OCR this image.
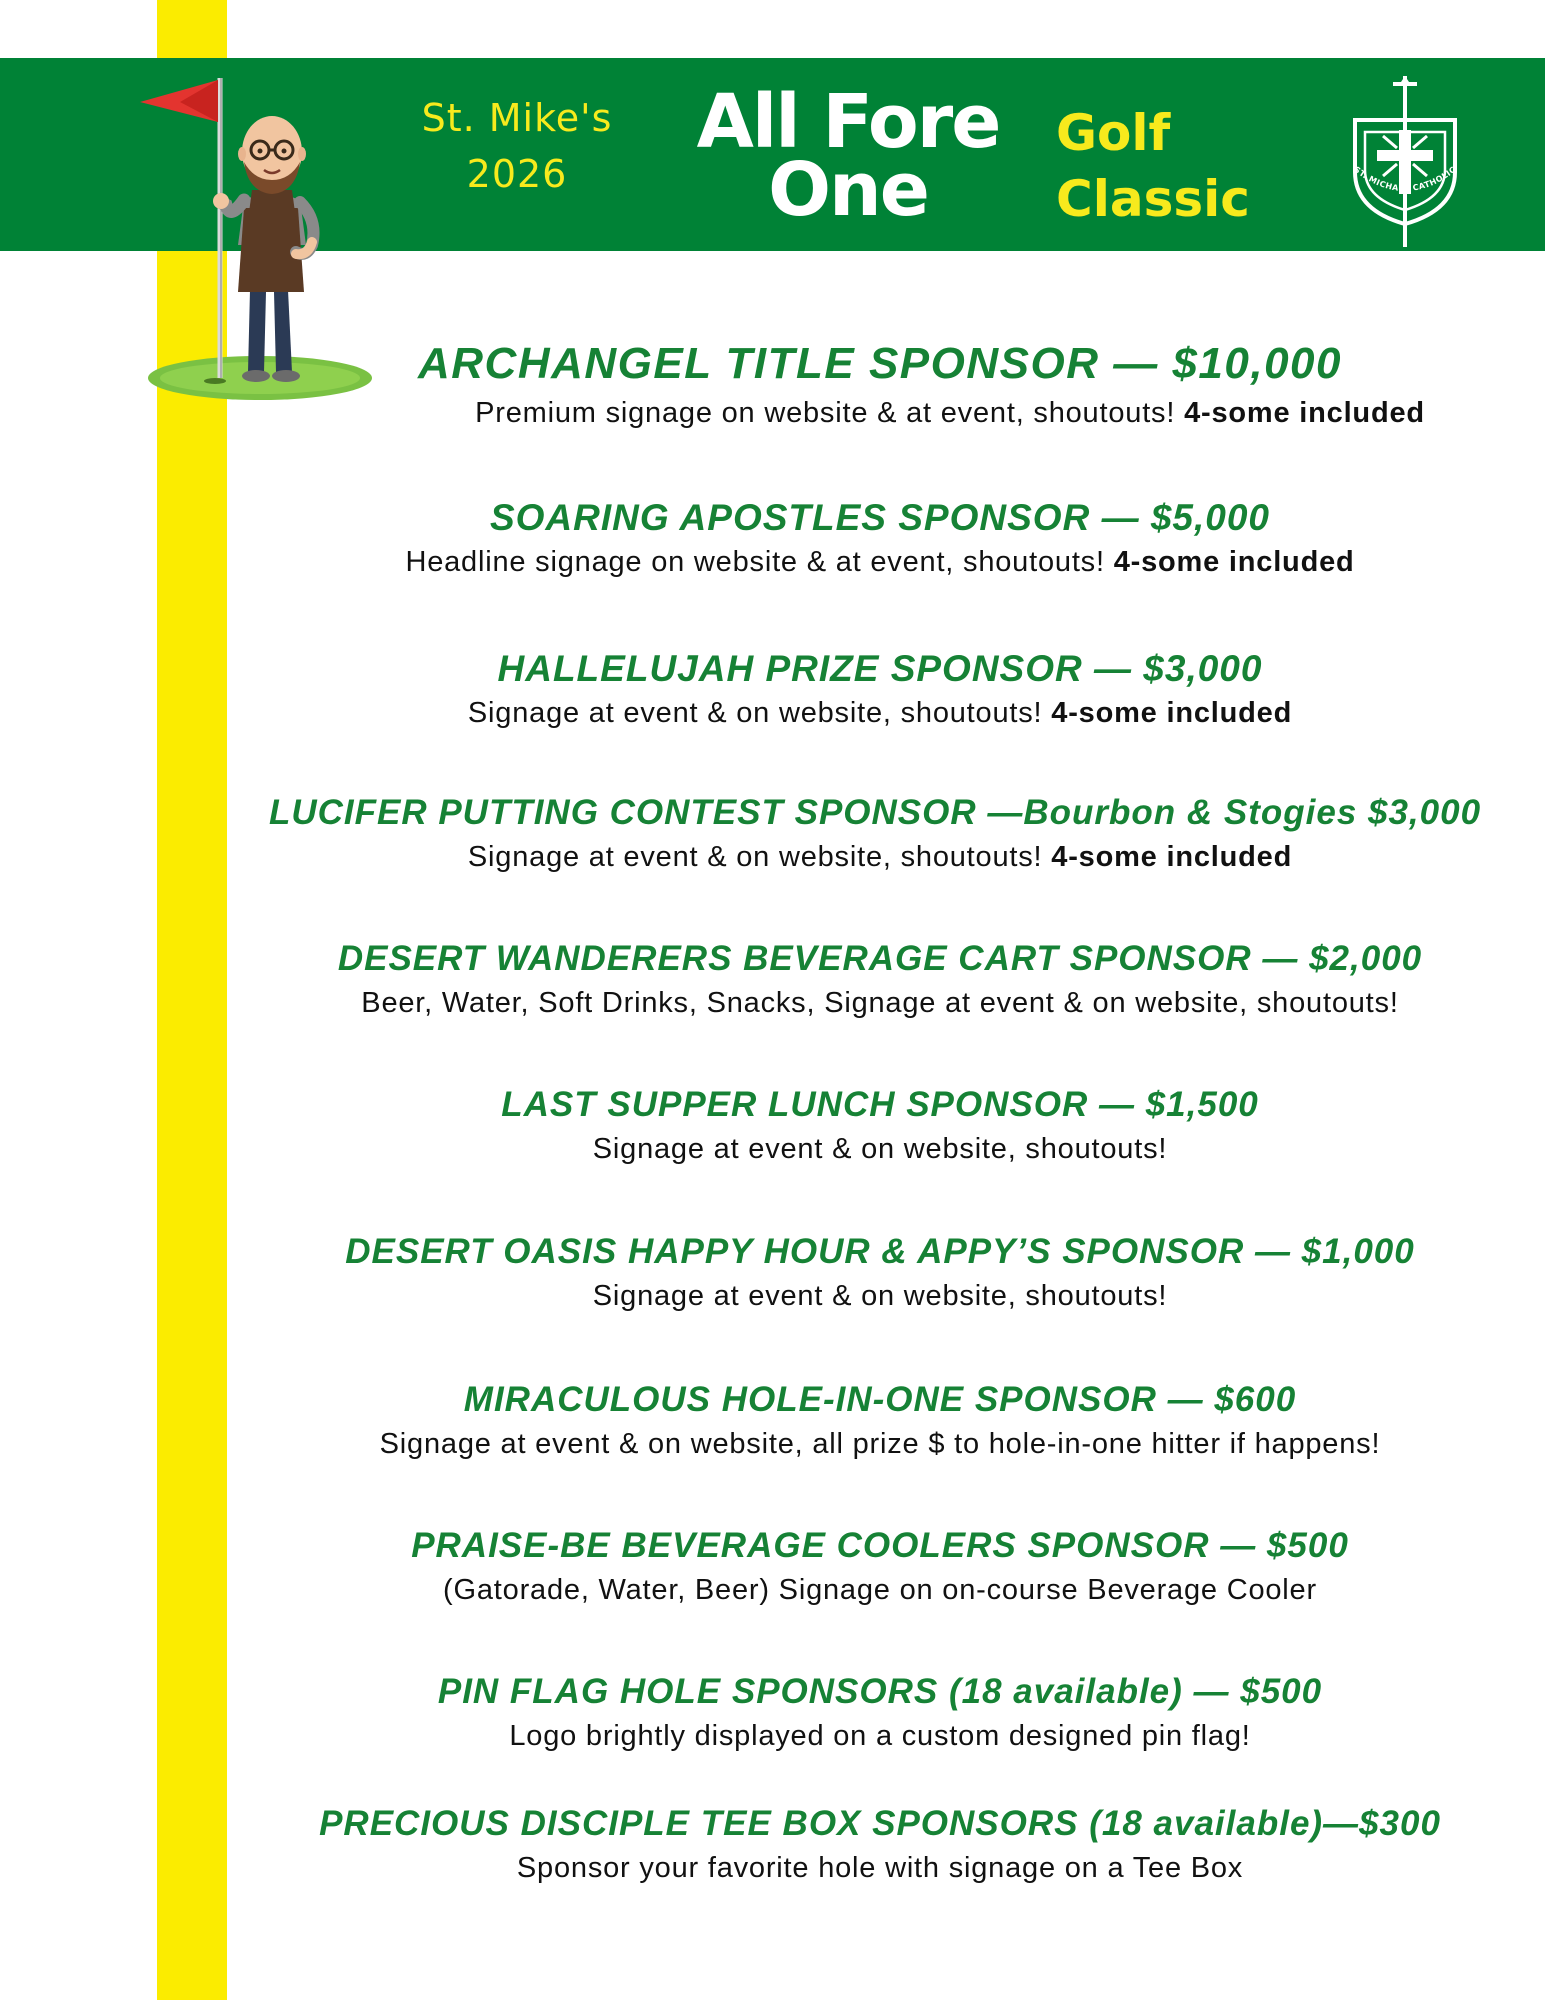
St. Mike's
2026
All Fore
One
Golf
Classic	ST. MICHAEL CATHOLIC
ARCHANGEL TITLE SPONSOR — $10,000
Premium signage on website & at event, shoutouts! 4-some included
SOARING APOSTLES SPONSOR — $5,000
Headline signage on website & at event, shoutouts! 4-some included
HALLELUJAH PRIZE SPONSOR — $3,000
Signage at event & on website, shoutouts! 4-some included
LUCIFER PUTTING CONTEST SPONSOR —Bourbon & Stogies $3,000
Signage at event & on website, shoutouts! 4-some included
DESERT WANDERERS BEVERAGE CART SPONSOR — $2,000
Beer, Water, Soft Drinks, Snacks, Signage at event & on website, shoutouts!
LAST SUPPER LUNCH SPONSOR — $1,500
Signage at event & on website, shoutouts!
DESERT OASIS HAPPY HOUR & APPY’S SPONSOR — $1,000
Signage at event & on website, shoutouts!
MIRACULOUS HOLE-IN-ONE SPONSOR — $600
Signage at event & on website, all prize $ to hole-in-one hitter if happens!
PRAISE-BE BEVERAGE COOLERS SPONSOR — $500
(Gatorade, Water, Beer) Signage on on-course Beverage Cooler
PIN FLAG HOLE SPONSORS (18 available) — $500
Logo brightly displayed on a custom designed pin flag!
PRECIOUS DISCIPLE TEE BOX SPONSORS (18 available)—$300
Sponsor your favorite hole with signage on a Tee Box
